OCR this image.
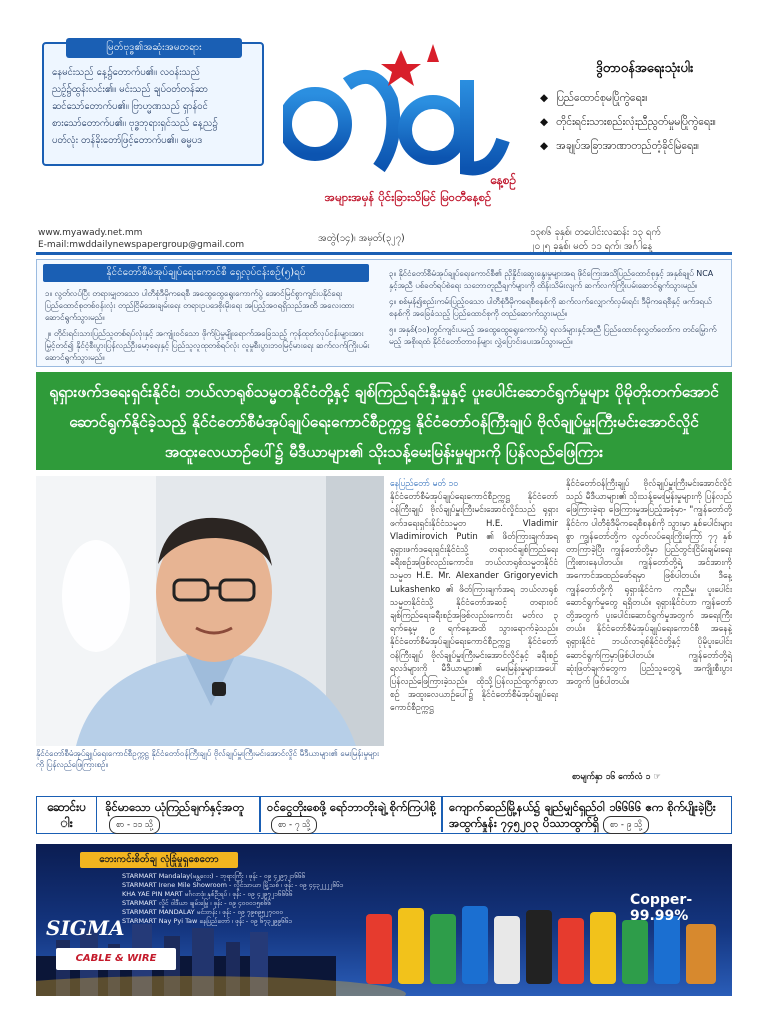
မြတ်ဗုဒ္ဓ၏အဆုံးအမတရား
နေမင်းသည် နေ့၌တောက်ပ၏။ လဝန်းသည်
ညဉ့်၌ထွန်းလင်း၏။ မင်းသည် ချပ်ဝတ်တန်ဆာ
ဆင်သော်တောက်ပ၏။ ဗြာဟ္မဏသည် ရှာန်ဝင်
စားသော်တောက်ပ၏။ ဗုဒ္ဓဘုရားရှင်သည် နေ့ည၌
ပတ်လုံး တန်ခိုးတော်ဖြင့်တောက်ပ၏။ ဓမ္မပဒ
နေ့စဉ်
အများအမှန် ပိုင်းခြားသိမြင် မြဝတီနေ့စဉ်
ဒွိတာဝန်အရေးသုံးပါး
◆ ပြည်ထောင်စုမပြိုကွဲရေး။
◆ တိုင်းရင်းသားစည်းလုံးညီညွတ်မှုမပြိုကွဲရေး။
◆ အချုပ်အခြာအာဏာတည်တံ့ခိုင်မြဲရေး။
www.myawady.net.mm
E-mail:mwddailynewspapergroup@gmail.com
အတွဲ(၁၄)၊ အမှတ်(၃၂၇)
၁၃၈၆ ခုနှစ်၊ တပေါင်းလဆန်း ၁၃ ရက်
၂၀၂၅ ခုနှစ်၊ မတ် ၁၁ ရက်၊ အင်္ဂါနေ့
နိုင်ငံတော်စီမံအုပ်ချုပ်ရေးကောင်စီ ရှေ့လုပ်ငန်းစဉ်(၅)ရပ်
၁။ လွတ်လပ်ပြီး တရားမျှတသော ပါတီစုံဒီမိုကရေစီ အထွေထွေရွေးကောက်ပွဲ အောင်မြင်စွာကျင်းပနိုင်ရေး ပြည်ထောင်စုတစ်ဝန်းလုံး တည်ငြိမ်အေးချမ်းရေး တရားဥပဒေစိုးမိုးရေး အပြည့်အဝရရှိသည်အထိ အလေးထားဆောင်ရွက်သွားမည်။
၂။ တိုင်းရင်းသားပြည်သူတစ်ရပ်လုံးနှင့် အကျုံးဝင်သော ဖိုက်ပြဲမှုမျိုးရောက်အခြေသည့် ကုန်ထုတ်လုပ်ငန်းများအား မြှင့်တင်၍ နိုင်ငံ့စီးပွားပြန်လည်ဦးမော့ရေးနှင့် ပြည်သူလူထုတစ်ရပ်လုံး လူမှုစီးပွားဘဝမြင့်မားရေး ဆက်လက်ကြိုးပမ်းဆောင်ရွက်သွားမည်။
၃။ နိုင်ငံတော်စီမံအုပ်ချုပ်ရေးကောင်စီ၏ ညှိနှိုင်းဆွေးနွေးမှုများအရ ဖိုင်ကြေးအသိပြည်ထောင်စုနှင့် အနှစ်ချုပ် NCA နှင့်အညီ ပစ်ခတ်ရပ်စဲရေး သဘောတူညီချက်များကို ထိန်းသိမ်းလျက် ဆက်လက်ကြိုးပမ်းဆောင်ရွက်သွားမည်။
၄။ စစ်မှန်၍စည်းကမ်းပြည့်ဝသော ပါတီစုံဒီမိုကရေစီစနစ်ကို ဆက်လက်လျှောက်လှမ်းရင်း ဒီမိုကရေစီနှင့် ဖက်ဒရယ်စနစ်ကို အခြေခံသည့် ပြည်ထောင်စုကို တည်ဆောက်သွားမည်။
၅။ အနှစ်(၁၀)တွင်ကျင်းပမည့် အထွေထွေရွေးကောက်ပွဲ ရလဒ်များနှင့်အညီ ပြည်ထောင်စုလွှတ်တော်က တင်မြှောက်မည့် အစိုးရထံ နိုင်ငံတော်တာဝန်များ လွှဲပြောင်းပေးအပ်သွားမည်။
ရုရှားဖက်ဒရေးရှင်းနိုင်ငံ၊ ဘယ်လာရုစ်သမ္မတနိုင်ငံတို့နှင့် ချစ်ကြည်ရင်းနှီးမှုနှင့် ပူးပေါင်းဆောင်ရွက်မှုများ ပိုမိုတိုးတက်အောင်
ဆောင်ရွက်နိုင်ခဲ့သည့် နိုင်ငံတော်စီမံအုပ်ချုပ်ရေးကောင်စီဥက္ကဋ္ဌ နိုင်ငံတော်ဝန်ကြီးချုပ် ဗိုလ်ချုပ်မှူးကြီးမင်းအောင်လှိုင်
အထူးလေယာဉ်ပေါ်၌ မီဒီယာများ၏ သိုးသန့်မေးမြန်းမှုများကို ပြန်လည်ဖြေကြား
နိုင်ငံတော်စီမံအုပ်ချုပ်ရေးကောင်စီဥက္ကဋ္ဌ နိုင်ငံတော်ဝန်ကြီးချုပ် ဗိုလ်ချုပ်မှူးကြီးမင်းအောင်လှိုင် မီဒီယာများ၏ မေးမြန်းမှုများကို ပြန်လည်ဖြေကြားစဉ်။
နေပြည်တော် မတ် ၁၀
နိုင်ငံတော်စီမံအုပ်ချုပ်ရေးကောင်စီဥက္ကဋ္ဌ နိုင်ငံတော်ဝန်ကြီးချုပ် ဗိုလ်ချုပ်မှူးကြီးမင်းအောင်လှိုင်သည် ရုရှားဖက်ဒရေးရှင်းနိုင်ငံသမ္မတ H.E. Vladimir Vladimirovich Putin ၏ ဖိတ်ကြားချက်အရ ရုရှားဖက်ဒရေးရှင်းနိုင်ငံသို့ တရားဝင်ချစ်ကြည်ရေးခရီးစဉ်အဖြစ်လည်းကောင်း၊ ဘယ်လာရုစ်သမ္မတနိုင်ငံ သမ္မတ H.E. Mr. Alexander Grigoryevich Lukashenko ၏ ဖိတ်ကြားချက်အရ ဘယ်လာရုစ်သမ္မတနိုင်ငံသို့ နိုင်ငံတော်အဆင့် တရားဝင်ချစ်ကြည်ရေးခရီးစဉ်အဖြစ်လည်းကောင်း မတ်လ ၃ ရက်နေ့မှ ၉ ရက်နေ့အထိ သွားရောက်ခဲ့သည်။ နိုင်ငံတော်စီမံအုပ်ချုပ်ရေးကောင်စီဥက္ကဋ္ဌ နိုင်ငံတော်ဝန်ကြီးချုပ် ဗိုလ်ချုပ်မှူးကြီးမင်းအောင်လှိုင်နှင့် ခရီးစဉ်ရလဒ်များကို မီဒီယာများ၏ မေးမြန်းမှုများအပေါ် ပြန်လည်ဖြေကြားခဲ့သည်။ ထိုသို့ပြန်လည်ထွက်ခွာလာစဉ် အထူးလေယာဉ်ပေါ်၌ နိုင်ငံတော်စီမံအုပ်ချုပ်ရေးကောင်စီဥက္ကဋ္ဌ
နိုင်ငံတော်ဝန်ကြီးချုပ် ဗိုလ်ချုပ်မှူးကြီးမင်းအောင်လှိုင်သည် မီဒီယာများ၏ သိုးသန့်မေးမြန်းမှုများကို ပြန်လည်ဖြေကြားခဲ့ရာ ဖြေကြားမှုအပြည့်အစုံမှာ- "ကျွန်တော်တို့နိုင်ငံက ပါတီစုံဒီမိုကရေစီစနစ်ကို သွားမှာ နှစ်ပေါင်းများစွာ ကျွန်တော်တို့က လွတ်လပ်ရေးကြိုးကြော် ၇၇ နှစ်တာကြာခဲ့ပြီး ကျွန်တော်တို့မှာ ပြည်တွင်းငြိမ်းချမ်းရေး ကြိုးစားနေပါတယ်။ ကျွန်တော်တို့ရဲ့ အင်အားကို အကောင်အထည်ဖော်ရမှာ ဖြစ်ပါတယ်။ ဒီနေ့ ကျွန်တော်တို့ကို ရုရှားနိုင်ငံက ကူညီမှု၊ ပူးပေါင်းဆောင်ရွက်မှုတွေ ရရှိတယ်။ ရုရှားနိုင်ငံဟာ ကျွန်တော်တို့အတွက် ပူးပေါင်းဆောင်ရွက်မှုအတွက် အရေးကြီးတယ်။ နိုင်ငံတော်စီမံအုပ်ချုပ်ရေးကောင်စီ အနေနဲ့ ရုရှားနိုင်ငံ ဘယ်လာရုစ်နိုင်ငံတို့နှင့် ပိုမိုပူးပေါင်းဆောင်ရွက်ကြမှာဖြစ်ပါတယ်။ ကျွန်တော်တို့ရဲ့ ဆုံးဖြတ်ချက်တွေက ပြည်သူတွေရဲ့ အကျိုးစီးပွားအတွက် ဖြစ်ပါတယ်။
စာမျက်နှာ ၁၆ ကော်လံ ၁ ☞
ဆောင်းပါး
ခိုင်မာသော ယုံကြည်ချက်နှင့်အတူစာ - ၁၁ သို့
ဝင်ငွေတိုးစေဖို့ ရော်ဘာတိုးချဲ့ စိုက်ကြပါစို့စာ - ၇ သို့
ကျောက်ဆည်မြို့နယ်၌ ချည်မျှင်ရှည်ဝါ ၁၆၆၆၆ ဧက စိုက်ပျိုးခဲ့ပြီး အထွက်နှုန်း ၇၄၅၂၀၃ ပိဿာထွက်ရှိ စာ - ၉ သို့
ဘေးကင်းစိတ်ချ လုံခြုံမှုရှစေတော
STARMART Mandalay(မန္တလေး) - ဘုရားကြီး ၊ ဖုန်း - ၀၉ ၄၂၉၇၂၁၆၆၆
STARMART Irene Mile Showroom - လှိုင်သာယာ မြို့သစ် ၊ ဖုန်း - ၀၉ ၄၄၃၂၂၂၂၆၆၁
KHA YAE PIN MART မင်္ဂလာဒုံ၊ နှစ်ဦးရပ် ၊ ဖုန်း - ၀၉ ၄၂၉၇၂၁၆၆၆၆
STARMART လှိုင် ဝါဒီယာ ချမ်းမြေ့ ၊ ဖုန်း - ၀၉ ၄၀၀၀၁၅၈၆၆
STARMART MANDALAY မင်းတန်း ၊ ဖုန်း - ၀၉ ၇၉၈၉၅၂၇၀၀၀
STARMART Nay Pyi Taw နေပြည်တော် ၊ ဖုန်း - ၀၉ ၆၇၃၂၉၉၆၆၁
Copper-99.99%
SIGMA
CABLE & WIRE
